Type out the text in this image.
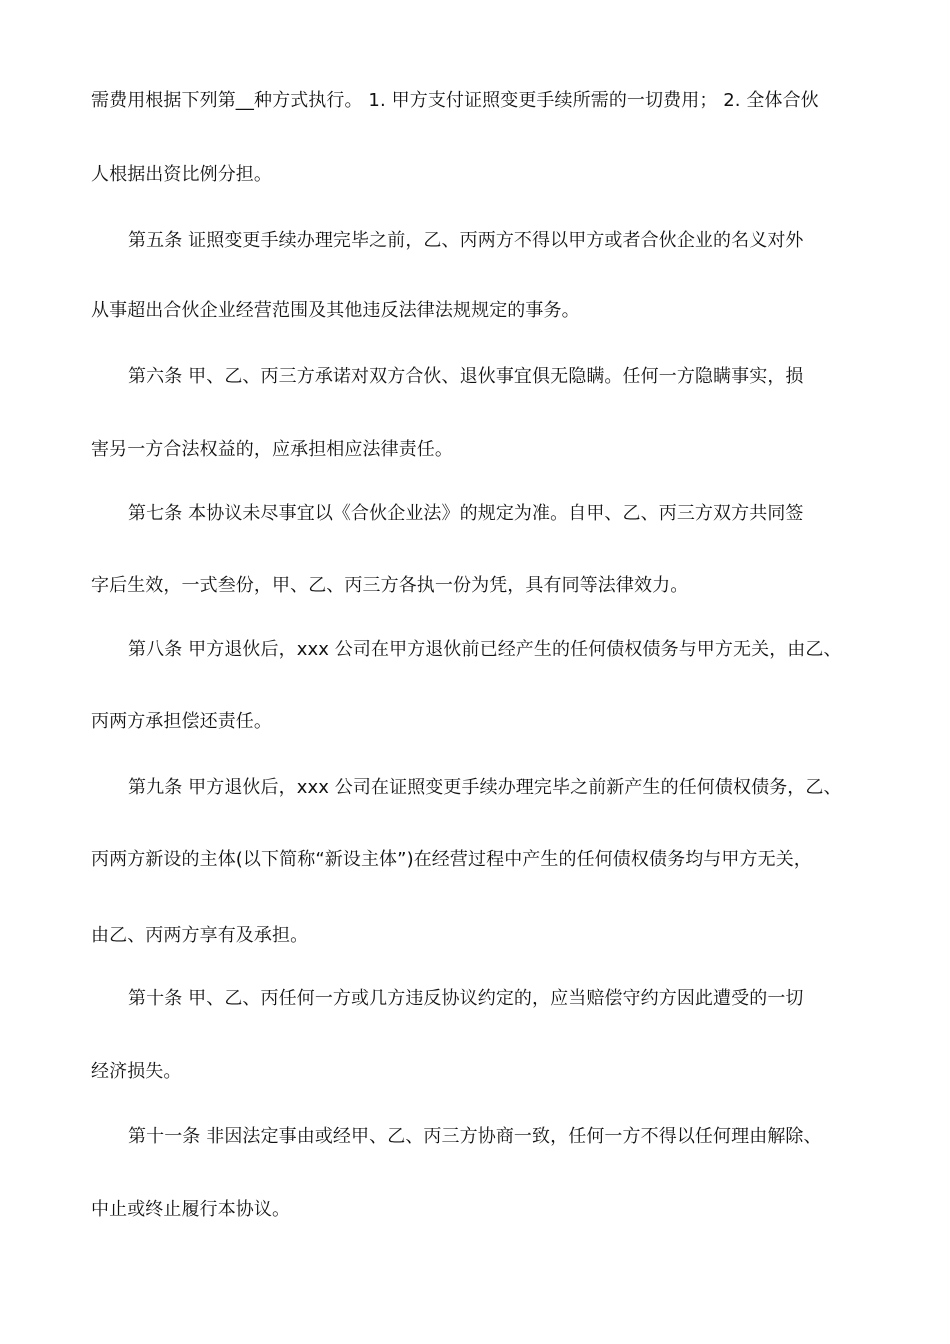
需费用根据下列第__种方式执行。 1. 甲方支付证照变更手续所需的一切费用； 2. 全体合伙
人根据出资比例分担。
第五条 证照变更手续办理完毕之前，乙、丙两方不得以甲方或者合伙企业的名义对外
从事超出合伙企业经营范围及其他违反法律法规规定的事务。
第六条 甲、乙、丙三方承诺对双方合伙、退伙事宜俱无隐瞒。任何一方隐瞒事实，损
害另一方合法权益的，应承担相应法律责任。
第七条 本协议未尽事宜以《合伙企业法》的规定为准。自甲、乙、丙三方双方共同签
字后生效，一式叁份，甲、乙、丙三方各执一份为凭，具有同等法律效力。
第八条 甲方退伙后，xxx 公司在甲方退伙前已经产生的任何债权债务与甲方无关，由乙、
丙两方承担偿还责任。
第九条 甲方退伙后，xxx 公司在证照变更手续办理完毕之前新产生的任何债权债务，乙、
丙两方新设的主体(以下简称“新设主体”)在经营过程中产生的任何债权债务均与甲方无关，
由乙、丙两方享有及承担。
第十条 甲、乙、丙任何一方或几方违反协议约定的，应当赔偿守约方因此遭受的一切
经济损失。
第十一条 非因法定事由或经甲、乙、丙三方协商一致，任何一方不得以任何理由解除、
中止或终止履行本协议。
